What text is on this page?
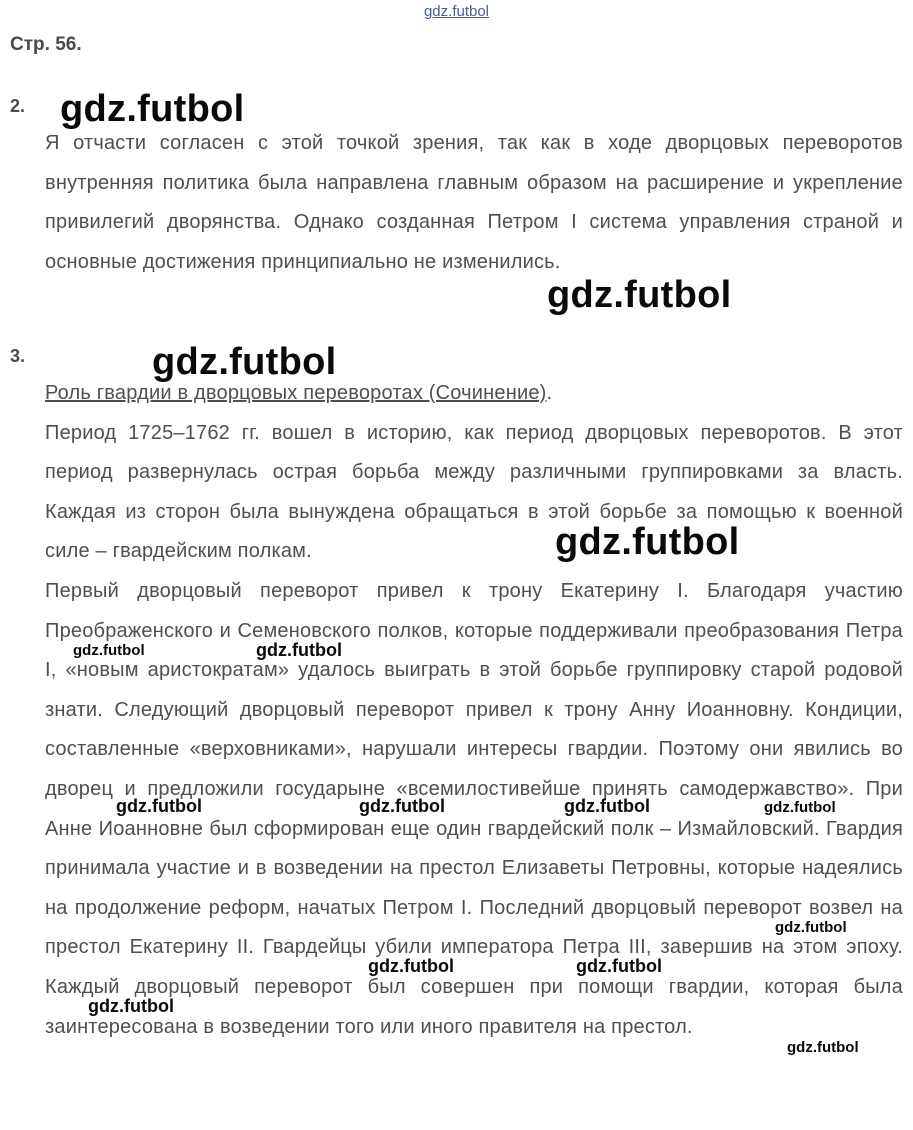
gdz.futbol
Стр. 56.
2.

Я отчасти согласен с этой точкой зрения, так как в ходе дворцовых переворотов внутренняя политика была направлена главным образом на расширение и укрепление привилегий дворянства. Однако созданная Петром I система управления страной и основные достижения принципиально не изменились.

3.

Роль гвардии в дворцовых переворотах (Сочинение).

Период 1725–1762 гг. вошел в историю, как период дворцовых переворотов. В этот период развернулась острая борьба между различными группировками за власть. Каждая из сторон была вынуждена обращаться в этой борьбе за помощью к военной силе – гвардейским полкам.

Первый дворцовый переворот привел к трону Екатерину I. Благодаря участию Преображенского и Семеновского полков, которые поддерживали преобразования Петра I, «новым аристократам» удалось выиграть в этой борьбе группировку старой родовой знати. Следующий дворцовый переворот привел к трону Анну Иоанновну. Кондиции, составленные «верховниками», нарушали интересы гвардии. Поэтому они явились во дворец и предложили государыне «всемилостивейше принять самодержавство». При Анне Иоанновне был сформирован еще один гвардейский полк – Измайловский. Гвардия принимала участие и в возведении на престол Елизаветы Петровны, которые надеялись на продолжение реформ, начатых Петром I. Последний дворцовый переворот возвел на престол Екатерину II. Гвардейцы убили императора Петра III, завершив на этом эпоху. Каждый дворцовый переворот был совершен при помощи гвардии, которая была заинтересована в возведении того или иного правителя на престол.

gdz.futbol
gdz.futbol
gdz.futbol
gdz.futbol
gdz.futbol	gdz.futbol
gdz.futbol	gdz.futbol	gdz.futbol	gdz.futbol
gdz.futbol
gdz.futbol	gdz.futbol
gdz.futbol
gdz.futbol
